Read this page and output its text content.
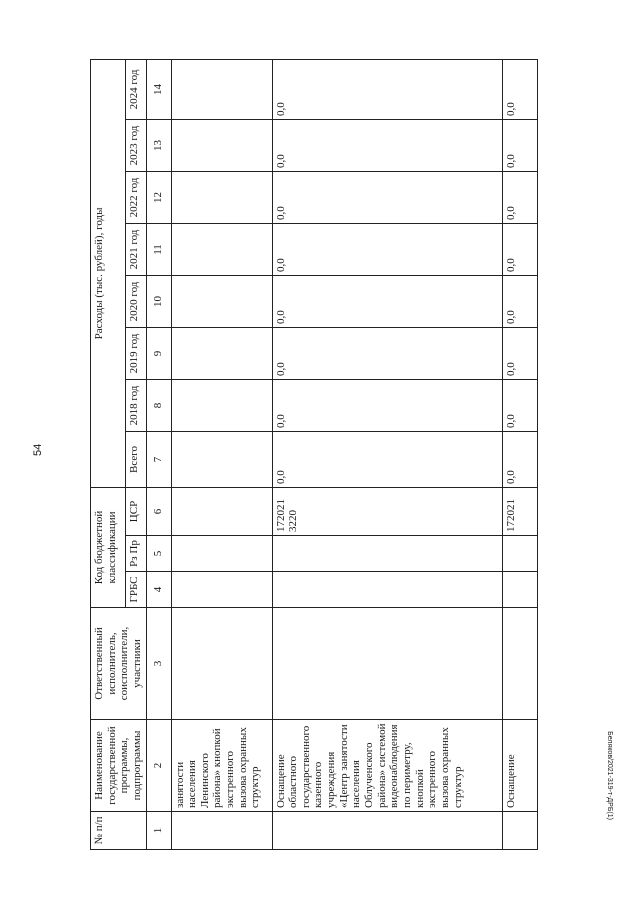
54
Беляков/2021-319-т-ДРБ(1)
№ п/п	Наименование государственной программы, подпрограммы	Ответственный исполнитель, соисполнители, участники	Код бюджетной классификации			Расходы (тыс. рублей), годы							
			ГРБС	Рз Пр	ЦСР	Всего	2018 год	2019 год	2020 год	2021 год	2022 год	2023 год	2024 год
1	2	3	4	5	6	7	8	9	10	11	12	13	14
	занятости населения Ленинского района» кнопкой экстренного вызова охранных структур												
	Оснащение областного государственного казенного учреждения «Центр занятости населения Облученского района» системой видеонаблюдения по периметру, кнопкой экстренного вызова охранных структур				172021 3220	0,0	0,0	0,0	0,0	0,0	0,0	0,0	0,0
	Оснащение				172021	0,0	0,0	0,0	0,0	0,0	0,0	0,0	0,0
